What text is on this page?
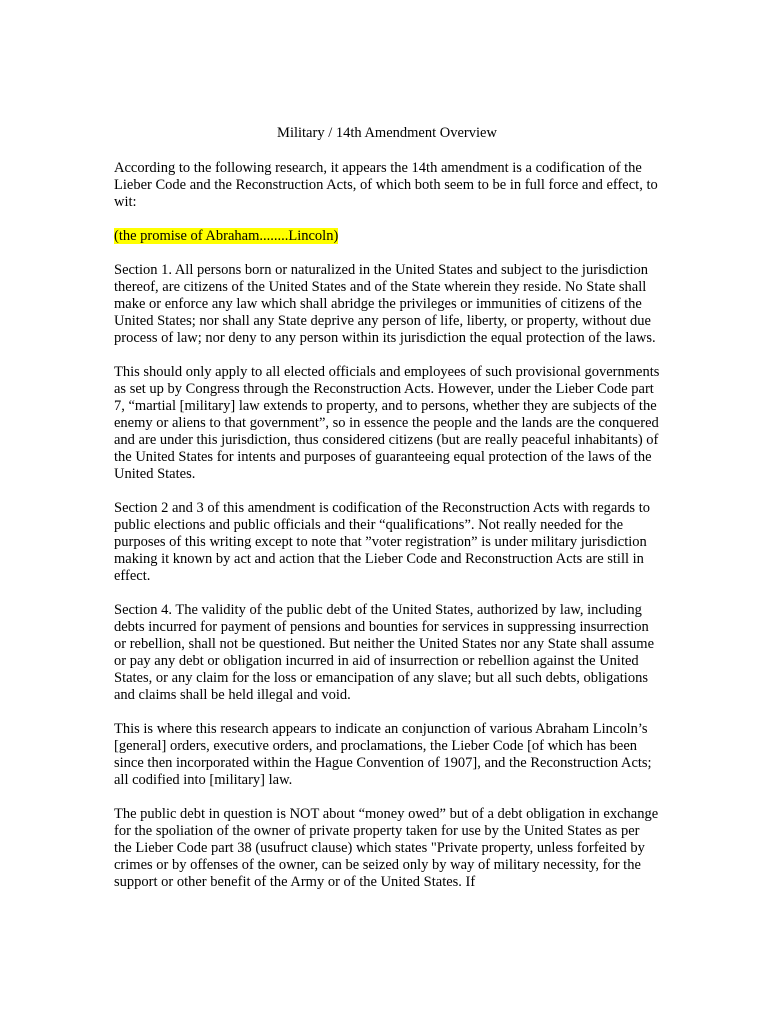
Military / 14th Amendment Overview

According to the following research, it appears the 14th amendment is a codification of the Lieber Code and the Reconstruction Acts, of which both seem to be in full force and effect, to wit:

(the promise of Abraham........Lincoln)

Section 1. All persons born or naturalized in the United States and subject to the jurisdiction thereof, are citizens of the United States and of the State wherein they reside. No State shall make or enforce any law which shall abridge the privileges or immunities of citizens of the United States; nor shall any State deprive any person of life, liberty, or property, without due process of law; nor deny to any person within its jurisdiction the equal protection of the laws.

This should only apply to all elected officials and employees of such provisional governments as set up by Congress through the Reconstruction Acts. However, under the Lieber Code part 7, “martial [military] law extends to property, and to persons, whether they are subjects of the enemy or aliens to that government”, so in essence the people and the lands are the conquered and are under this jurisdiction, thus considered citizens (but are really peaceful inhabitants) of the United States for intents and purposes of guaranteeing equal protection of the laws of the United States.

Section 2 and 3 of this amendment is codification of the Reconstruction Acts with regards to public elections and public officials and their “qualifications”. Not really needed for the purposes of this writing except to note that ”voter registration” is under military jurisdiction making it known by act and action that the Lieber Code and Reconstruction Acts are still in effect.

Section 4. The validity of the public debt of the United States, authorized by law, including debts incurred for payment of pensions and bounties for services in suppressing insurrection or rebellion, shall not be questioned. But neither the United States nor any State shall assume or pay any debt or obligation incurred in aid of insurrection or rebellion against the United States, or any claim for the loss or emancipation of any slave; but all such debts, obligations and claims shall be held illegal and void.

This is where this research appears to indicate an conjunction of various Abraham Lincoln’s [general] orders, executive orders, and proclamations, the Lieber Code [of which has been since then incorporated within the Hague Convention of 1907], and the Reconstruction Acts; all codified into [military] law.

The public debt in question is NOT about “money owed” but of a debt obligation in exchange for the spoliation of the owner of private property taken for use by the United States as per the Lieber Code part 38 (usufruct clause) which states "Private property, unless forfeited by crimes or by offenses of the owner, can be seized only by way of military necessity, for the support or other benefit of the Army or of the United States. If
